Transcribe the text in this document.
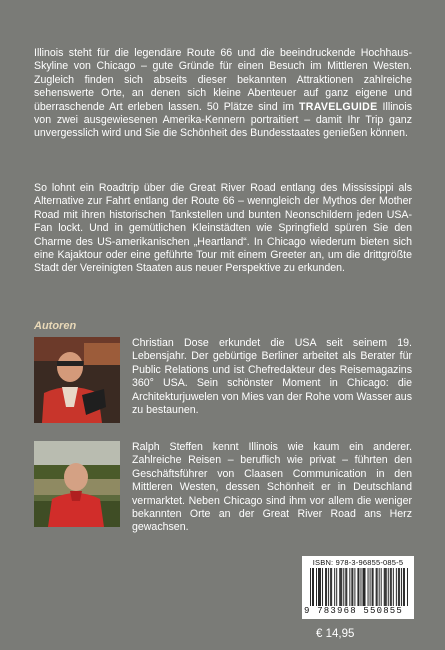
Illinois steht für die legendäre Route 66 und die beeindruckende Hochhaus-Skyline von Chicago – gute Gründe für einen Besuch im Mittleren Westen. Zugleich finden sich abseits dieser bekannten Attraktionen zahlreiche sehenswerte Orte, an denen sich kleine Abenteuer auf ganz eigene und überraschende Art erleben lassen. 50 Plätze sind im TRAVELGUIDE Illinois von zwei ausgewiesenen Amerika-Kennern portraitiert – damit Ihr Trip ganz unvergesslich wird und Sie die Schönheit des Bundesstaates genießen können.
So lohnt ein Roadtrip über die Great River Road entlang des Mississippi als Alternative zur Fahrt entlang der Route 66 – wenngleich der Mythos der Mother Road mit ihren historischen Tankstellen und bunten Neonschildern jeden USA-Fan lockt. Und in gemütlichen Kleinstädten wie Springfield spüren Sie den Charme des US-amerikanischen „Heartland“. In Chicago wiederum bieten sich eine Kajaktour oder eine geführte Tour mit einem Greeter an, um die drittgrößte Stadt der Vereinigten Staaten aus neuer Perspektive zu erkunden.
Autoren
Christian Dose erkundet die USA seit seinem 19. Lebensjahr. Der gebürtige Berliner arbeitet als Berater für Public Relations und ist Chefredakteur des Reisemagazins 360° USA. Sein schönster Moment in Chicago: die Architekturjuwelen von Mies van der Rohe vom Wasser aus zu bestaunen.
Ralph Steffen kennt Illinois wie kaum ein anderer. Zahlreiche Reisen – beruflich wie privat – führten den Geschäftsführer von Claasen Communication in den Mittleren Westen, dessen Schönheit er in Deutschland vermarktet. Neben Chicago sind ihm vor allem die weniger bekannten Orte an der Great River Road ans Herz gewachsen.
ISBN: 978-3-96855-085-5
9 783968 550855
€ 14,95
